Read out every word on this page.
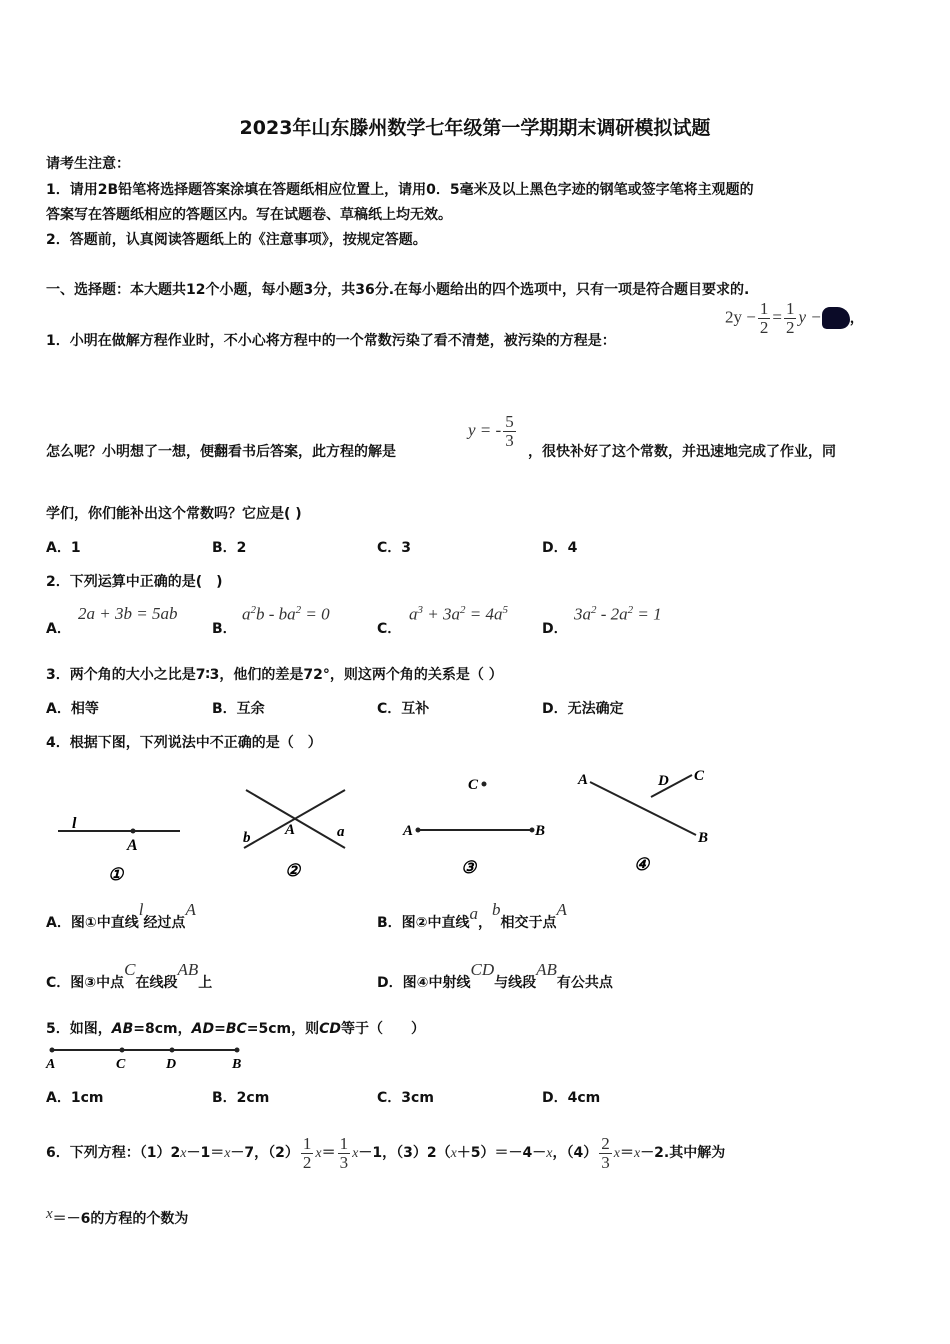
2023年山东滕州数学七年级第一学期期末调研模拟试题
请考生注意：
1．请用2B铅笔将选择题答案涂填在答题纸相应位置上，请用0．5毫米及以上黑色字迹的钢笔或签字笔将主观题的
答案写在答题纸相应的答题区内。写在试题卷、草稿纸上均无效。
2．答题前，认真阅读答题纸上的《注意事项》，按规定答题。
一、选择题：本大题共12个小题，每小题3分，共36分.在每小题给出的四个选项中，只有一项是符合题目要求的.
1．小明在做解方程作业时，不小心将方程中的一个常数污染了看不清楚，被污染的方程是：
$2y - \frac{1}{2} = \frac{1}{2}$ y − ，
怎么呢？小明想了一想，便翻看书后答案，此方程的解是
y = - $\frac{5}{3}$
，很快补好了这个常数，并迅速地完成了作业，同
学们，你们能补出这个常数吗？它应是( )
A．1	B．2	C．3	D．4
2．下列运算中正确的是(　)
A．
2a + 3b = 5ab
B．
$a^2b - ba^2 = 0$
C．
$a^3 + 3a^2 = 4a^5$
D．
$3a^2 - 2a^2 = 1$
3．两个角的大小之比是7∶3，他们的差是72°，则这两个角的关系是（ ）
A．相等	B．互余	C．互补	D．无法确定
4．根据下图，下列说法中不正确的是（　）
l
A
①
b A	a
②
C
A	B
③
A	D C
B
④
A．图①中直线l经过点A
B．图②中直线a，b相交于点A
C．图③中点C在线段AB上	D．图④中射线CD与线段AB有公共点
5．如图，AB=8cm，AD=BC=5cm，则CD等于（　　）
A	C	D	B
A．1cm	B．2cm	C．3cm	D．4cm
6．下列方程：（1）2x－1＝x－7，$(2) \frac{1}{2} x= \frac{1}{3} x-1$，（3）2（x＋5）＝－4－x，$(4) \frac{2}{3} x=x-2$.其中解为
x＝－6的方程的个数为
